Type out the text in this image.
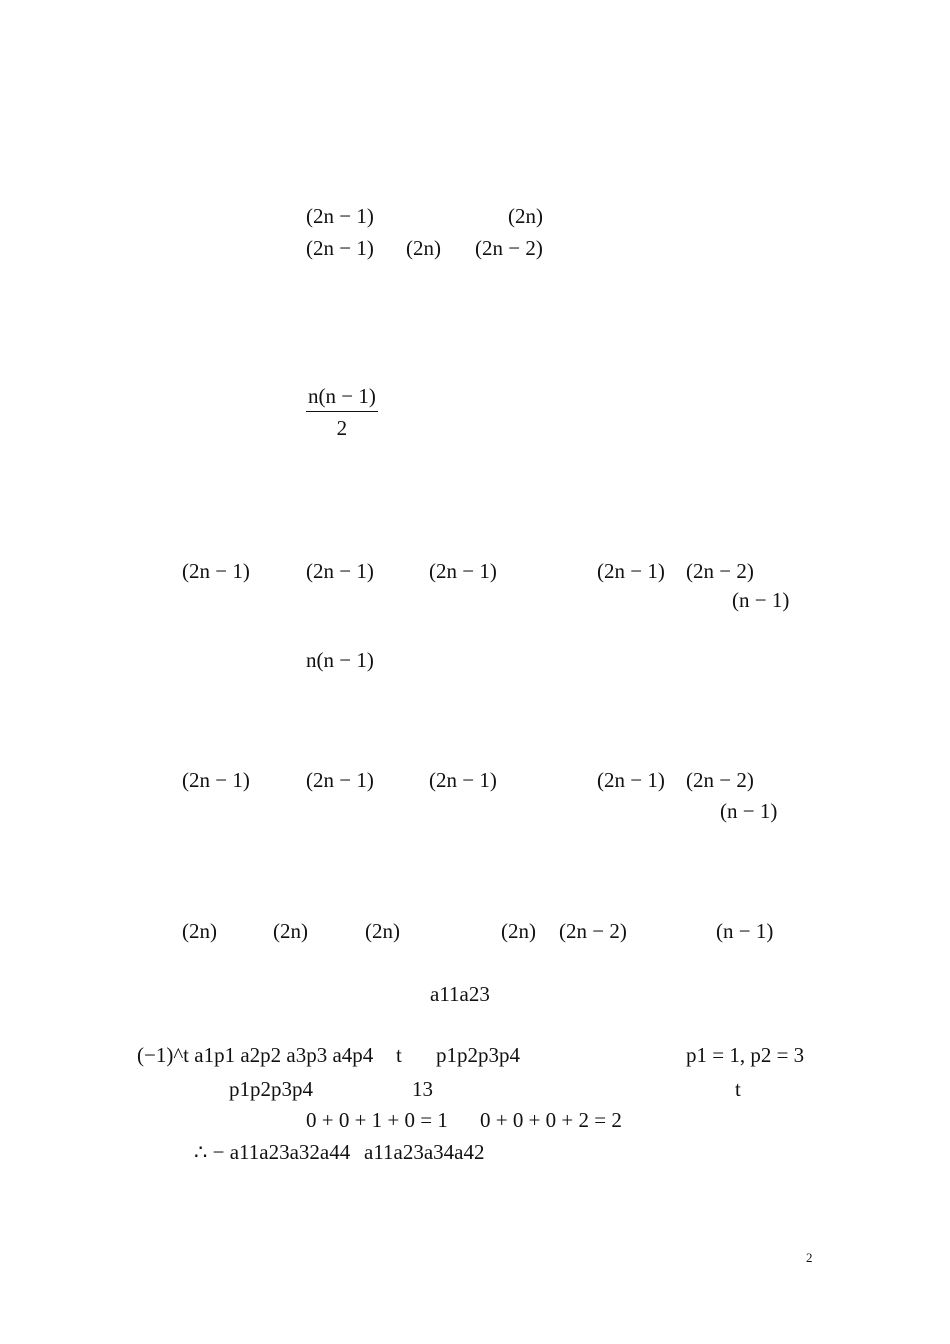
(2n − 1)	(2n)
(2n − 1) (2n) (2n − 2)
$\frac{n(n - 1)}{2}$
(2n − 1)	(2n − 1)	(2n − 1)	(2n − 1) (2n − 2)
(n − 1)
n(n − 1)
(2n − 1)	(2n − 1)	(2n − 1)	(2n − 1) (2n − 2)
(n − 1)
(2n)	(2n)	(2n)	(2n) (2n − 2)	(n − 1)
a11a23
(−1)^t a1p1 a2p2 a3p3 a4p4 t p1p2p3p4	p1 = 1, p2 = 3
p1p2p3p4	13	t
0 + 0 + 1 + 0 = 1 0 + 0 + 0 + 2 = 2
∴ − a11a23a32a44 a11a23a34a42
2
